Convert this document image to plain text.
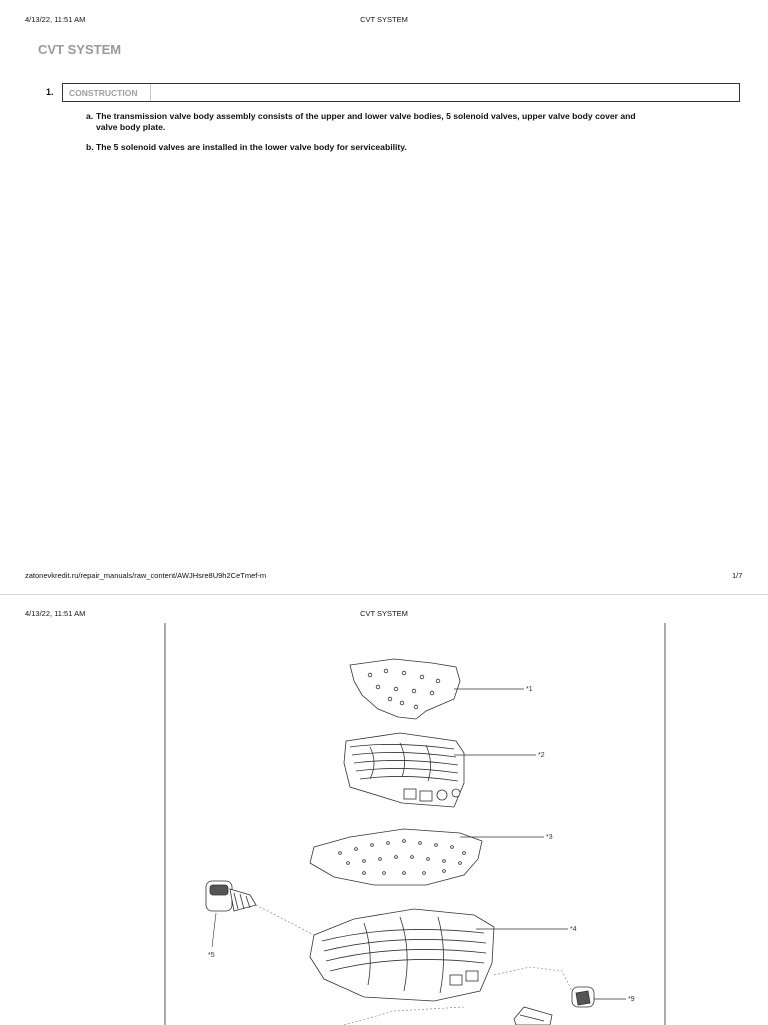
4/13/22, 11:51 AM	CVT SYSTEM
CVT SYSTEM
1.	CONSTRUCTION
a. The transmission valve body assembly consists of the upper and lower valve bodies, 5 solenoid valves, upper valve body cover and
valve body plate.
b. The 5 solenoid valves are installed in the lower valve body for serviceability.
zatonevkredit.ru/repair_manuals/raw_content/AWJHsre8U9h2CeTmef-m	1/7
4/13/22, 11:51 AM	CVT SYSTEM
*1
*2
*3
*4
*5
*9
